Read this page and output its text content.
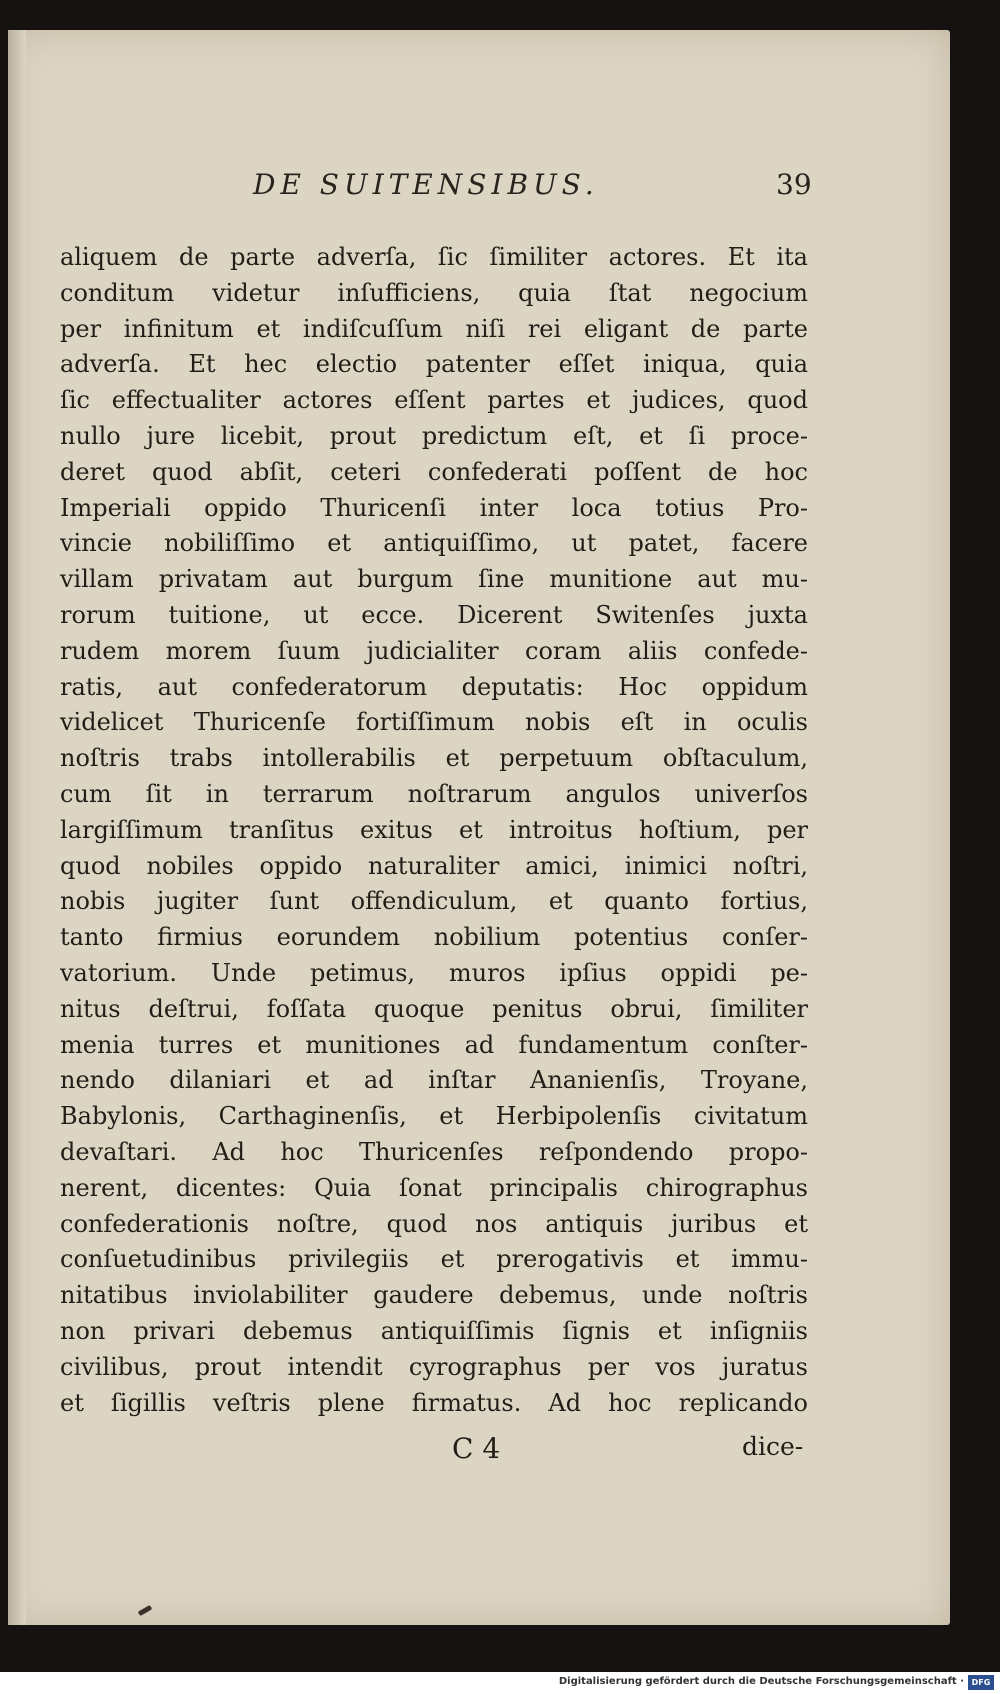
DE SUITENSIBUS.	39
aliquem de parte adverſa, ſic ſimiliter actores. Et ita
conditum videtur inſufficiens, quia ſtat negocium
per infinitum et indiſcuſſum niſi rei eligant de parte
adverſa. Et hec electio patenter eſſet iniqua, quia
ſic effectualiter actores eſſent partes et judices, quod
nullo jure licebit, prout predictum eſt, et ſi proce-
deret quod abſit, ceteri confederati poſſent de hoc
Imperiali oppido Thuricenſi inter loca totius Pro-
vincie nobiliſſimo et antiquiſſimo, ut patet, facere
villam privatam aut burgum ſine munitione aut mu-
rorum tuitione, ut ecce. Dicerent Switenſes juxta
rudem morem ſuum judicialiter coram aliis confede-
ratis, aut confederatorum deputatis: Hoc oppidum
videlicet Thuricenſe fortiſſimum nobis eſt in oculis
noſtris trabs intollerabilis et perpetuum obſtaculum,
cum ſit in terrarum noſtrarum angulos univerſos
largiſſimum tranſitus exitus et introitus hoſtium, per
quod nobiles oppido naturaliter amici, inimici noſtri,
nobis jugiter ſunt offendiculum, et quanto fortius,
tanto firmius eorundem nobilium potentius conſer-
vatorium. Unde petimus, muros ipſius oppidi pe-
nitus deſtrui, foſſata quoque penitus obrui, ſimiliter
menia turres et munitiones ad fundamentum conſter-
nendo dilaniari et ad inſtar Ananienſis, Troyane,
Babylonis, Carthaginenſis, et Herbipolenſis civitatum
devaſtari. Ad hoc Thuricenſes reſpondendo propo-
nerent, dicentes: Quia ſonat principalis chirographus
confederationis noſtre, quod nos antiquis juribus et
conſuetudinibus privilegiis et prerogativis et immu-
nitatibus inviolabiliter gaudere debemus, unde noſtris
non privari debemus antiquiſſimis ſignis et inſigniis
civilibus, prout intendit cyrographus per vos juratus
et ſigillis veſtris plene firmatus. Ad hoc replicando
C 4	dice-
Digitalisierung gefördert durch die Deutsche Forschungsgemeinschaft · DFG
